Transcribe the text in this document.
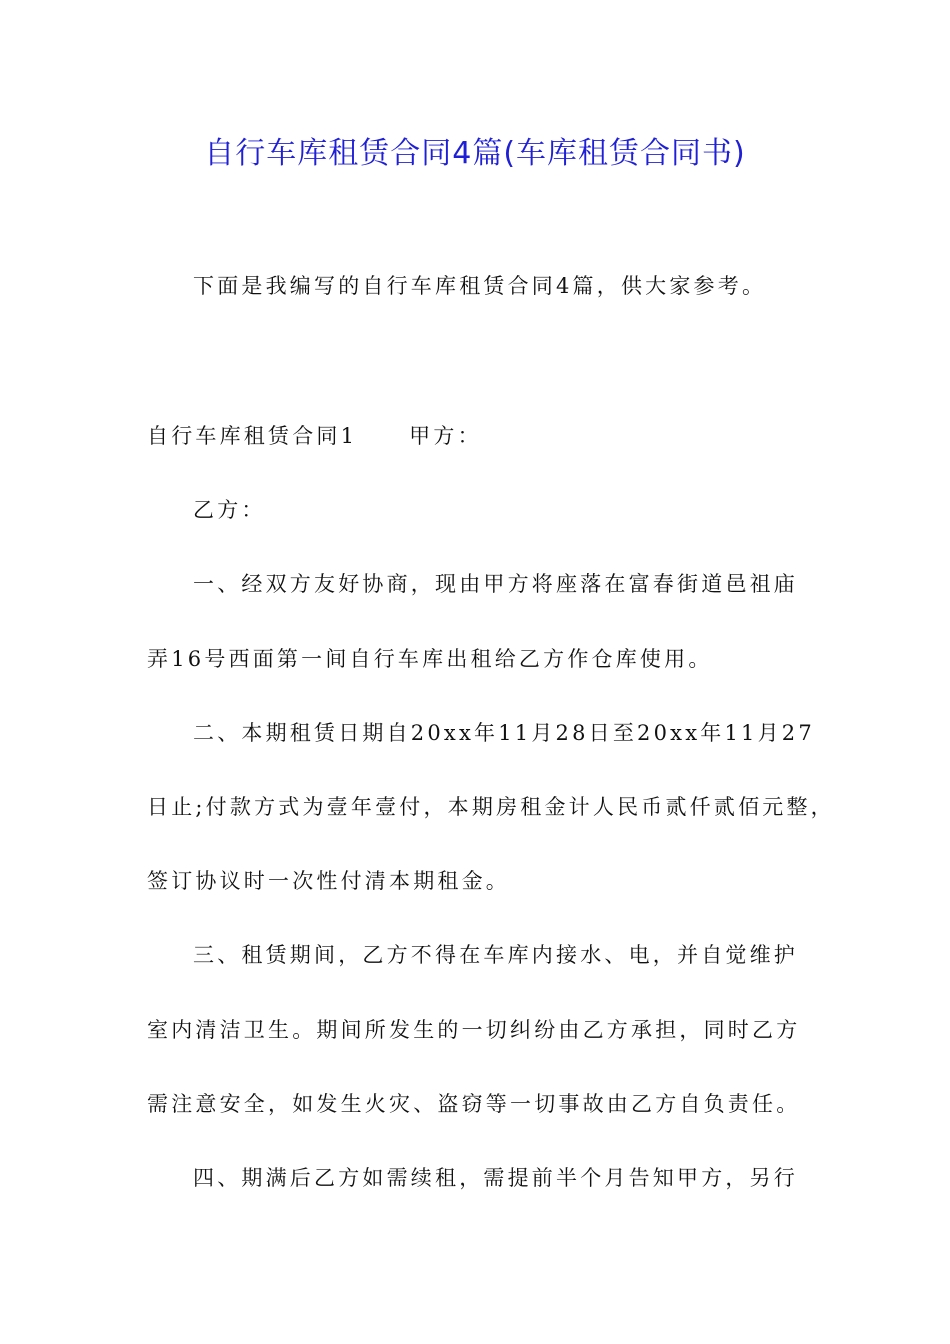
自行车库租赁合同4篇(车库租赁合同书)
下面是我编写的自行车库租赁合同4篇，供大家参考。
自行车库租赁合同1 甲方：
乙方：
一、经双方友好协商，现由甲方将座落在富春街道邑祖庙
弄16号西面第一间自行车库出租给乙方作仓库使用。
二、本期租赁日期自20xx年11月28日至20xx年11月27
日止;付款方式为壹年壹付，本期房租金计人民币贰仟贰佰元整，
签订协议时一次性付清本期租金。
三、租赁期间，乙方不得在车库内接水、电，并自觉维护
室内清洁卫生。期间所发生的一切纠纷由乙方承担，同时乙方
需注意安全，如发生火灾、盗窃等一切事故由乙方自负责任。
四、期满后乙方如需续租，需提前半个月告知甲方，另行
